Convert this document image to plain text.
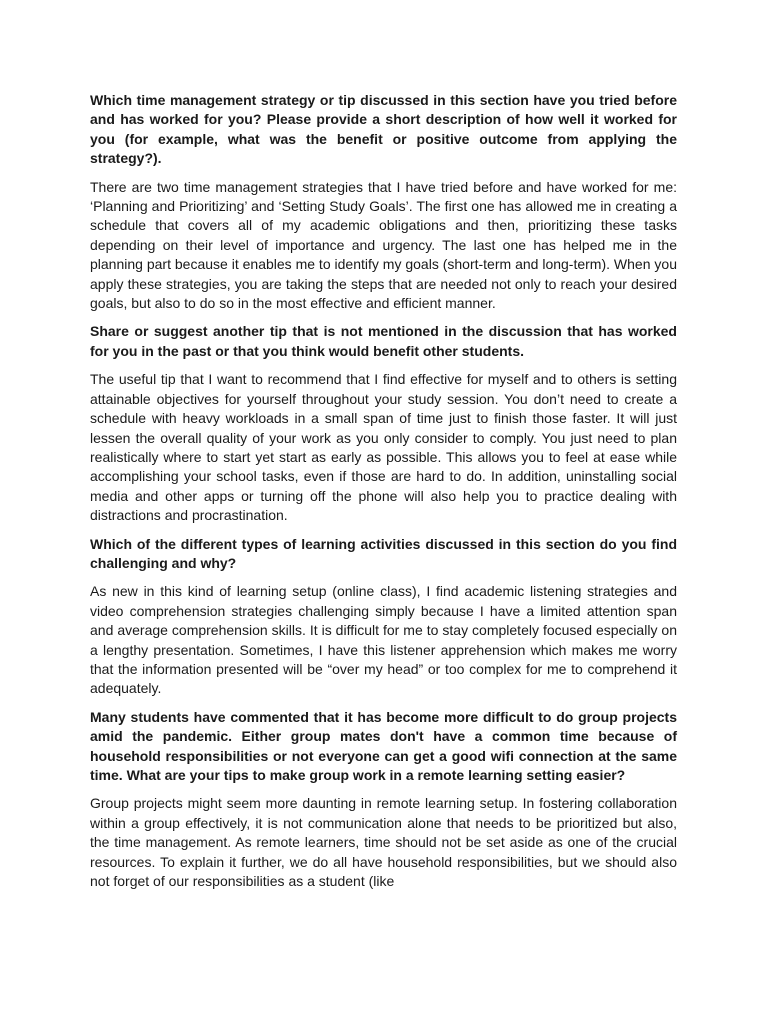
Which time management strategy or tip discussed in this section have you tried before and has worked for you? Please provide a short description of how well it worked for you (for example, what was the benefit or positive outcome from applying the strategy?).

There are two time management strategies that I have tried before and have worked for me: ‘Planning and Prioritizing’ and ‘Setting Study Goals’. The first one has allowed me in creating a schedule that covers all of my academic obligations and then, prioritizing these tasks depending on their level of importance and urgency. The last one has helped me in the planning part because it enables me to identify my goals (short-term and long-term). When you apply these strategies, you are taking the steps that are needed not only to reach your desired goals, but also to do so in the most effective and efficient manner.

Share or suggest another tip that is not mentioned in the discussion that has worked for you in the past or that you think would benefit other students.

The useful tip that I want to recommend that I find effective for myself and to others is setting attainable objectives for yourself throughout your study session. You don’t need to create a schedule with heavy workloads in a small span of time just to finish those faster. It will just lessen the overall quality of your work as you only consider to comply. You just need to plan realistically where to start yet start as early as possible. This allows you to feel at ease while accomplishing your school tasks, even if those are hard to do. In addition, uninstalling social media and other apps or turning off the phone will also help you to practice dealing with distractions and procrastination.

Which of the different types of learning activities discussed in this section do you find challenging and why?

As new in this kind of learning setup (online class), I find academic listening strategies and video comprehension strategies challenging simply because I have a limited attention span and average comprehension skills. It is difficult for me to stay completely focused especially on a lengthy presentation. Sometimes, I have this listener apprehension which makes me worry that the information presented will be “over my head” or too complex for me to comprehend it adequately.

Many students have commented that it has become more difficult to do group projects amid the pandemic. Either group mates don't have a common time because of household responsibilities or not everyone can get a good wifi connection at the same time. What are your tips to make group work in a remote learning setting easier?

Group projects might seem more daunting in remote learning setup. In fostering collaboration within a group effectively, it is not communication alone that needs to be prioritized but also, the time management. As remote learners, time should not be set aside as one of the crucial resources. To explain it further, we do all have household responsibilities, but we should also not forget of our responsibilities as a student (like
